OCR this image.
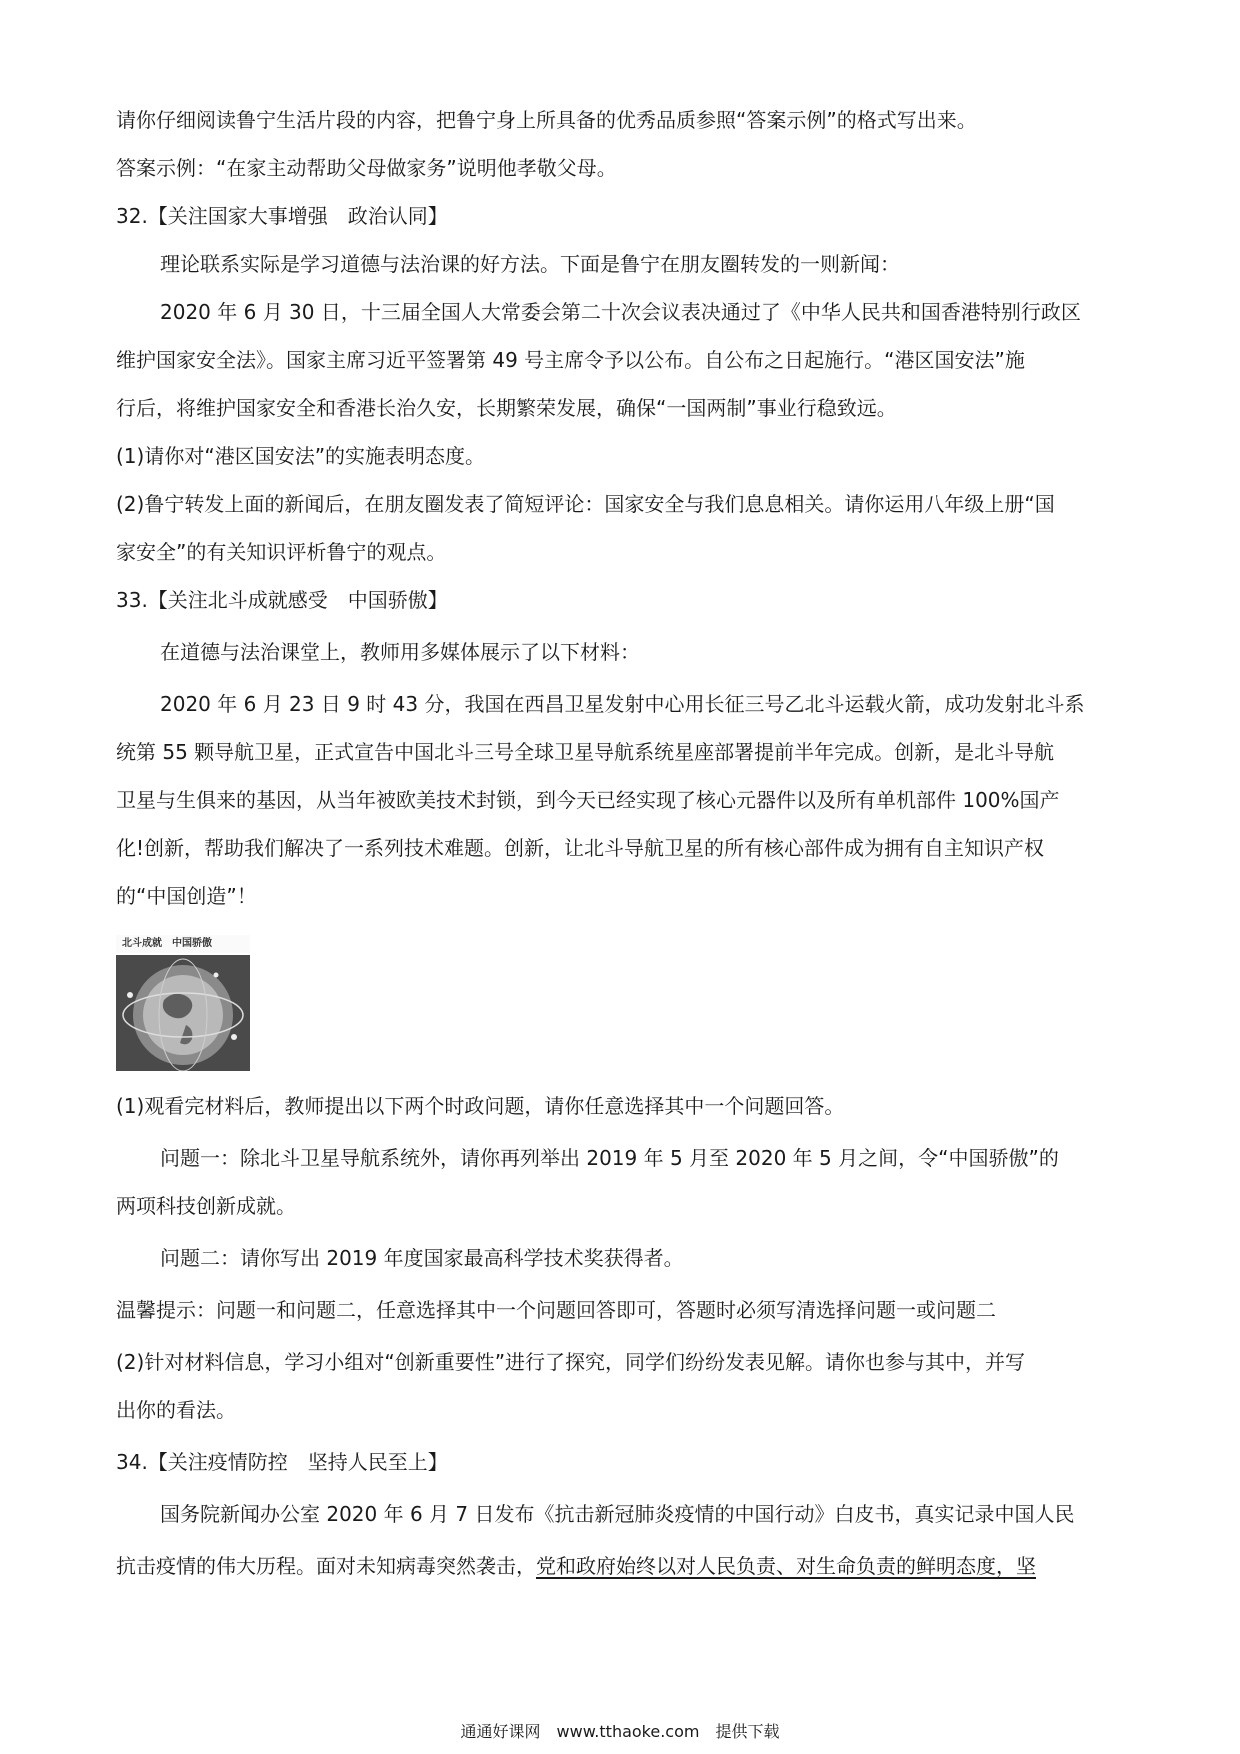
请你仔细阅读鲁宁生活片段的内容，把鲁宁身上所具备的优秀品质参照“答案示例”的格式写出来。
答案示例：“在家主动帮助父母做家务”说明他孝敬父母。
32.【关注国家大事增强　政治认同】
理论联系实际是学习道德与法治课的好方法。下面是鲁宁在朋友圈转发的一则新闻：
2020 年 6 月 30 日，十三届全国人大常委会第二十次会议表决通过了《中华人民共和国香港特别行政区
维护国家安全法》。国家主席习近平签署第 49 号主席令予以公布。自公布之日起施行。“港区国安法”施
行后，将维护国家安全和香港长治久安，长期繁荣发展，确保“一国两制”事业行稳致远。
(1)请你对“港区国安法”的实施表明态度。
(2)鲁宁转发上面的新闻后，在朋友圈发表了简短评论：国家安全与我们息息相关。请你运用八年级上册“国
家安全”的有关知识评析鲁宁的观点。
33.【关注北斗成就感受　中国骄傲】
在道德与法治课堂上，教师用多媒体展示了以下材料：
2020 年 6 月 23 日 9 时 43 分，我国在西昌卫星发射中心用长征三号乙北斗运载火箭，成功发射北斗系
统第 55 颗导航卫星，正式宣告中国北斗三号全球卫星导航系统星座部署提前半年完成。创新，是北斗导航
卫星与生俱来的基因，从当年被欧美技术封锁，到今天已经实现了核心元器件以及所有单机部件 100%国产
化!创新，帮助我们解决了一系列技术难题。创新，让北斗导航卫星的所有核心部件成为拥有自主知识产权
的“中国创造”！
北斗成就　中国骄傲
(1)观看完材料后，教师提出以下两个时政问题，请你任意选择其中一个问题回答。
问题一：除北斗卫星导航系统外，请你再列举出 2019 年 5 月至 2020 年 5 月之间，令“中国骄傲”的
两项科技创新成就。
问题二：请你写出 2019 年度国家最高科学技术奖获得者。
温馨提示：问题一和问题二，任意选择其中一个问题回答即可，答题时必须写清选择问题一或问题二
(2)针对材料信息，学习小组对“创新重要性”进行了探究，同学们纷纷发表见解。请你也参与其中，并写
出你的看法。
34.【关注疫情防控　坚持人民至上】
国务院新闻办公室 2020 年 6 月 7 日发布《抗击新冠肺炎疫情的中国行动》白皮书，真实记录中国人民
抗击疫情的伟大历程。面对未知病毒突然袭击，党和政府始终以对人民负责、对生命负责的鲜明态度，坚
通通好课网　www.tthaoke.com　提供下载
